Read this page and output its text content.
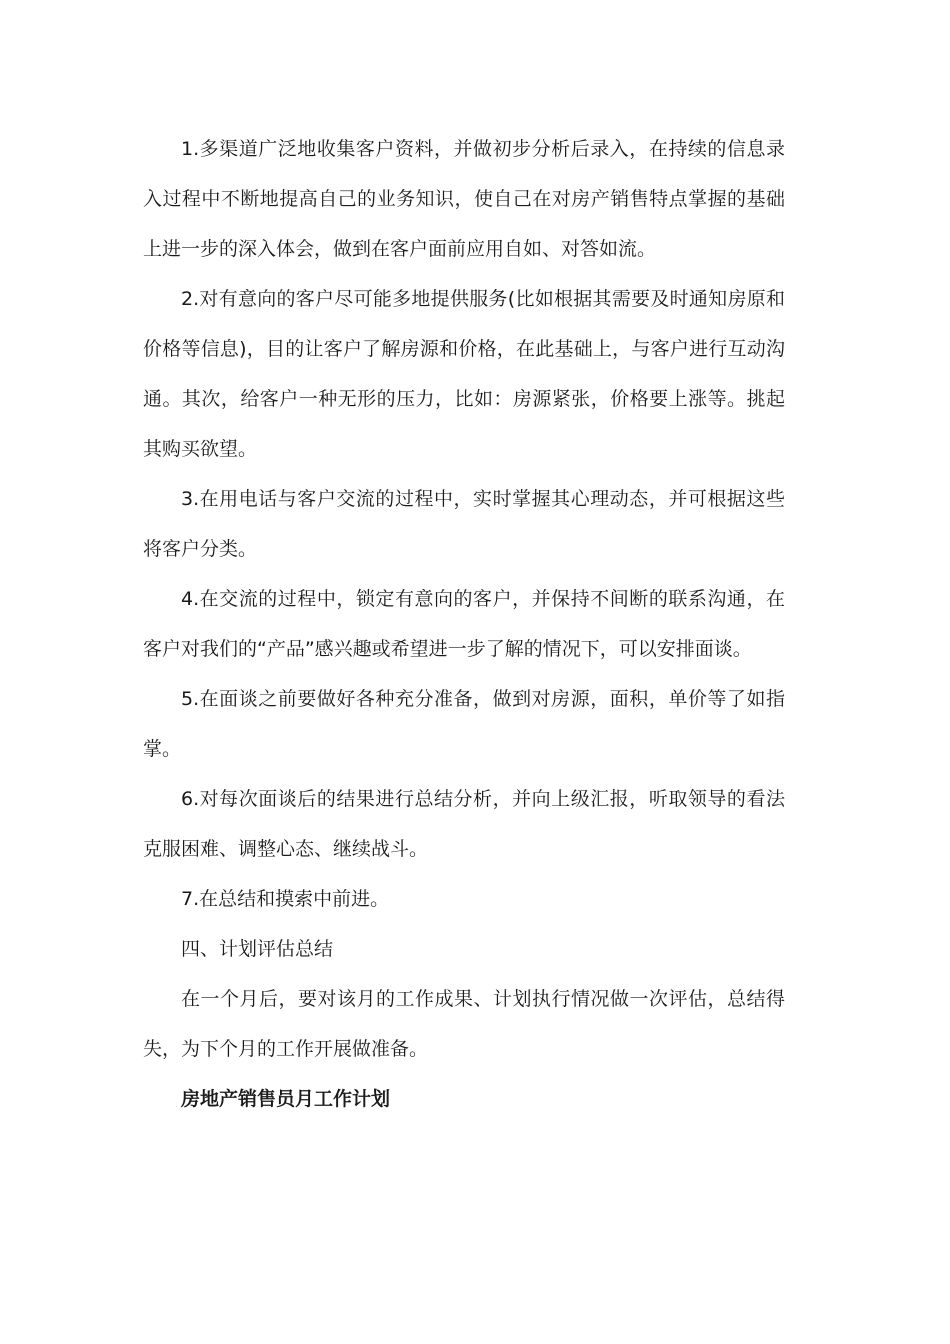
1.多渠道广泛地收集客户资料，并做初步分析后录入，在持续的信息录入过程中不断地提高自己的业务知识，使自己在对房产销售特点掌握的基础上进一步的深入体会，做到在客户面前应用自如、对答如流。

2.对有意向的客户尽可能多地提供服务(比如根据其需要及时通知房原和价格等信息)，目的让客户了解房源和价格，在此基础上，与客户进行互动沟通。其次，给客户一种无形的压力，比如：房源紧张，价格要上涨等。挑起其购买欲望。

3.在用电话与客户交流的过程中，实时掌握其心理动态，并可根据这些将客户分类。

4.在交流的过程中，锁定有意向的客户，并保持不间断的联系沟通，在客户对我们的“产品”感兴趣或希望进一步了解的情况下，可以安排面谈。

5.在面谈之前要做好各种充分准备，做到对房源，面积，单价等了如指掌。

6.对每次面谈后的结果进行总结分析，并向上级汇报，听取领导的看法克服困难、调整心态、继续战斗。

7.在总结和摸索中前进。

四、计划评估总结

在一个月后，要对该月的工作成果、计划执行情况做一次评估，总结得失，为下个月的工作开展做准备。

房地产销售员月工作计划
